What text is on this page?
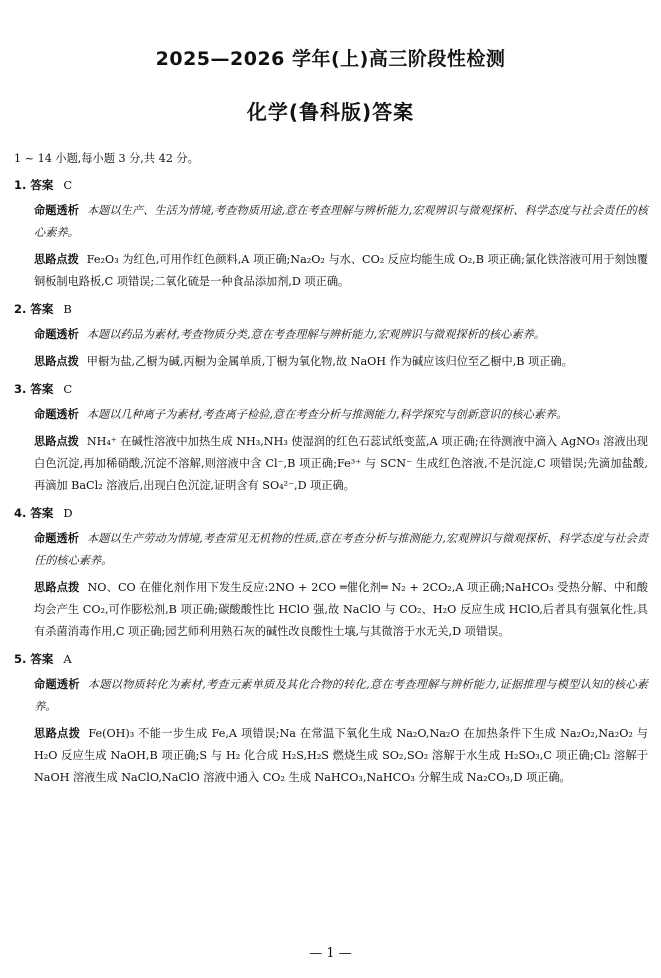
2025—2026 学年(上)高三阶段性检测
化学(鲁科版)答案
1 ~ 14 小题,每小题 3 分,共 42 分。
1. 答案 C
命题透析 本题以生产、生活为情境,考查物质用途,意在考查理解与辨析能力,宏观辨识与微观探析、科学态度与社会责任的核心素养。
思路点拨 Fe₂O₃ 为红色,可用作红色颜料,A 项正确;Na₂O₂ 与水、CO₂ 反应均能生成 O₂,B 项正确;氯化铁溶液可用于刻蚀覆铜板制电路板,C 项错误;二氧化硫是一种食品添加剂,D 项正确。
2. 答案 B
命题透析 本题以药品为素材,考查物质分类,意在考查理解与辨析能力,宏观辨识与微观探析的核心素养。
思路点拨 甲橱为盐,乙橱为碱,丙橱为金属单质,丁橱为氧化物,故 NaOH 作为碱应该归位至乙橱中,B 项正确。
3. 答案 C
命题透析 本题以几种离子为素材,考查离子检验,意在考查分析与推测能力,科学探究与创新意识的核心素养。
思路点拨 NH₄⁺ 在碱性溶液中加热生成 NH₃,NH₃ 使湿润的红色石蕊试纸变蓝,A 项正确;在待测液中滴入 AgNO₃ 溶液出现白色沉淀,再加稀硝酸,沉淀不溶解,则溶液中含 Cl⁻,B 项正确;Fe³⁺ 与 SCN⁻ 生成红色溶液,不是沉淀,C 项错误;先滴加盐酸,再滴加 BaCl₂ 溶液后,出现白色沉淀,证明含有 SO₄²⁻,D 项正确。
4. 答案 D
命题透析 本题以生产劳动为情境,考查常见无机物的性质,意在考查分析与推测能力,宏观辨识与微观探析、科学态度与社会责任的核心素养。
思路点拨 NO、CO 在催化剂作用下发生反应:2NO + 2CO ═催化剂═ N₂ + 2CO₂,A 项正确;NaHCO₃ 受热分解、中和酸均会产生 CO₂,可作膨松剂,B 项正确;碳酸酸性比 HClO 强,故 NaClO 与 CO₂、H₂O 反应生成 HClO,后者具有强氧化性,具有杀菌消毒作用,C 项正确;园艺师利用熟石灰的碱性改良酸性土壤,与其微溶于水无关,D 项错误。
5. 答案 A
命题透析 本题以物质转化为素材,考查元素单质及其化合物的转化,意在考查理解与辨析能力,证据推理与模型认知的核心素养。
思路点拨 Fe(OH)₃ 不能一步生成 Fe,A 项错误;Na 在常温下氧化生成 Na₂O,Na₂O 在加热条件下生成 Na₂O₂,Na₂O₂ 与 H₂O 反应生成 NaOH,B 项正确;S 与 H₂ 化合成 H₂S,H₂S 燃烧生成 SO₂,SO₂ 溶解于水生成 H₂SO₃,C 项正确;Cl₂ 溶解于 NaOH 溶液生成 NaClO,NaClO 溶液中通入 CO₂ 生成 NaHCO₃,NaHCO₃ 分解生成 Na₂CO₃,D 项正确。
— 1 —
